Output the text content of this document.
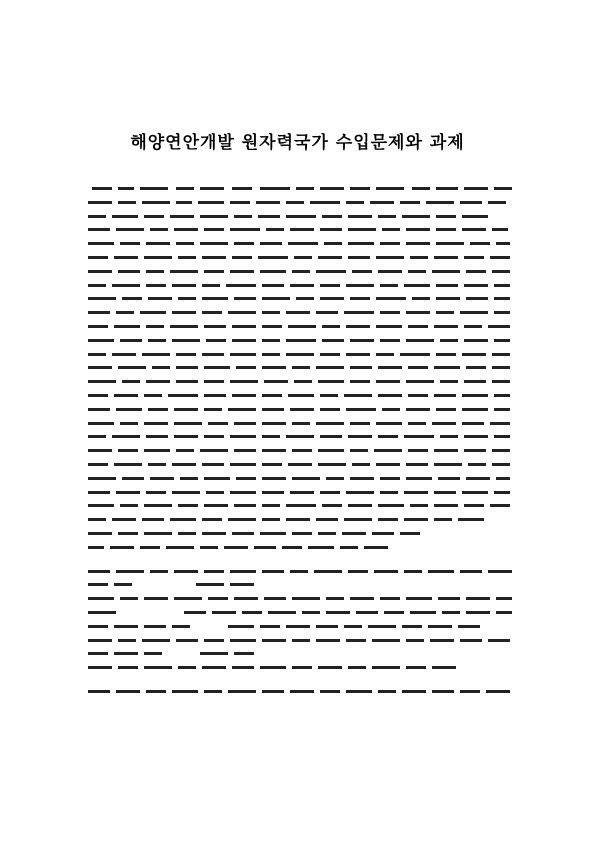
해양연안개발 원자력국가 수입문제와 과제
